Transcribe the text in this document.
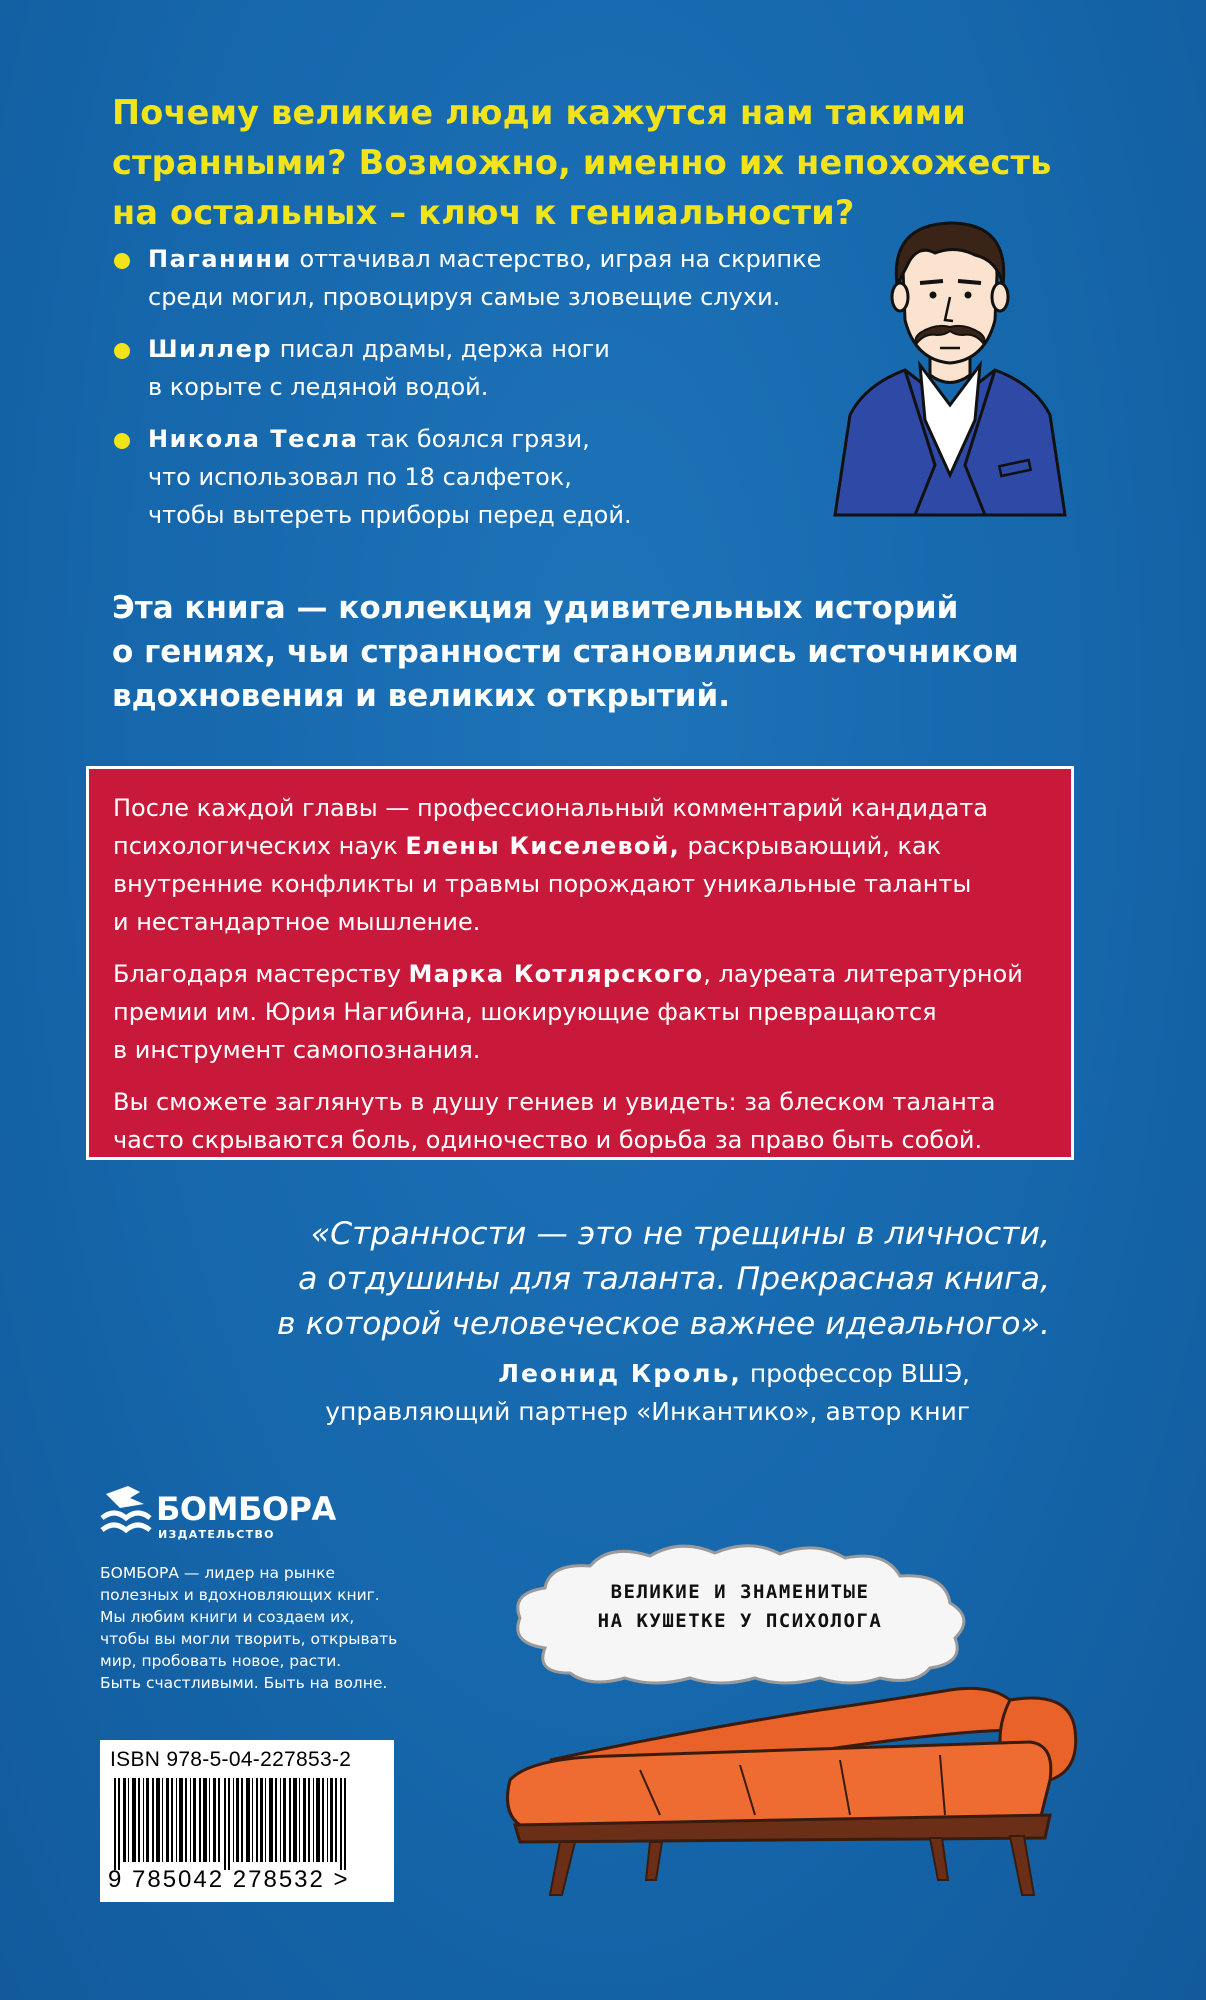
Почему великие люди кажутся нам такими
странными? Возможно, именно их непохожесть
на остальных – ключ к гениальности?
Паганини оттачивал мастерство, играя на скрипке
среди могил, провоцируя самые зловещие слухи.
Шиллер писал драмы, держа ноги
в корыте с ледяной водой.
Никола Тесла так боялся грязи,
что использовал по 18 салфеток,
чтобы вытереть приборы перед едой.
Эта книга — коллекция удивительных историй
о гениях, чьи странности становились источником
вдохновения и великих открытий.

После каждой главы — профессиональный комментарий кандидата
психологических наук Елены Киселевой, раскрывающий, как
внутренние конфликты и травмы порождают уникальные таланты
и нестандартное мышление.

Благодаря мастерству Марка Котлярского, лауреата литературной
премии им. Юрия Нагибина, шокирующие факты превращаются
в инструмент самопознания.

Вы сможете заглянуть в душу гениев и увидеть: за блеском таланта
часто скрываются боль, одиночество и борьба за право быть собой.

«Странности — это не трещины в личности,
а отдушины для таланта. Прекрасная книга,
в которой человеческое важнее идеального».
Леонид Кроль, профессор ВШЭ,
управляющий партнер «Инкантико», автор книг
БОМБОРА
ИЗДАТЕЛЬСТВО
БОМБОРА — лидер на рынке
полезных и вдохновляющих книг.
Мы любим книги и создаем их,
чтобы вы могли творить, открывать
мир, пробовать новое, расти.
Быть счастливыми. Быть на волне.
ISBN 978-5-04-227853-2
9 785042 278532 >
ВЕЛИКИЕ И ЗНАМЕНИТЫЕ
НА КУШЕТКЕ У ПСИХОЛОГА
